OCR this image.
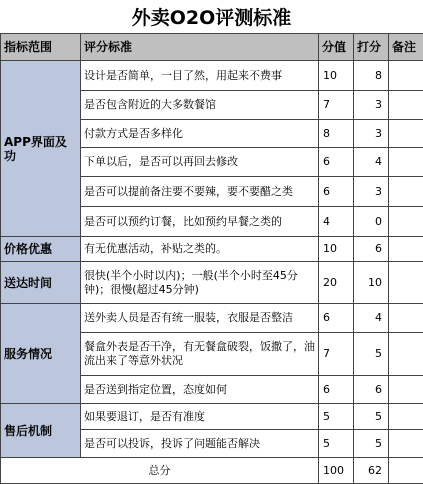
外卖O2O评测标准
指标范围	评分标准	分值	打分	备注
APP界面及功	设计是否简单，一目了然，用起来不费事	10	8	
	是否包含附近的大多数餐馆	7	3	
	付款方式是否多样化	8	3	
	下单以后，是否可以再回去修改	6	4	
	是否可以提前备注要不要辣，要不要醋之类	6	3	
	是否可以预约订餐，比如预约早餐之类的	4	0	
价格优惠	有无优惠活动，补贴之类的。	10	6	
送达时间	很快(半个小时以内)；一般(半个小时至45分钟)；很慢(超过45分钟)	20	10	
服务情况	送外卖人员是否有统一服装，衣服是否整洁	6	4	
	餐盒外表是否干净，有无餐盒破裂，饭撒了，油流出来了等意外状况	7	5	
	是否送到指定位置，态度如何	6	6	
售后机制	如果要退订，是否有准度	5	5	
	是否可以投诉，投诉了问题能否解决	5	5	
总分		100	62	
